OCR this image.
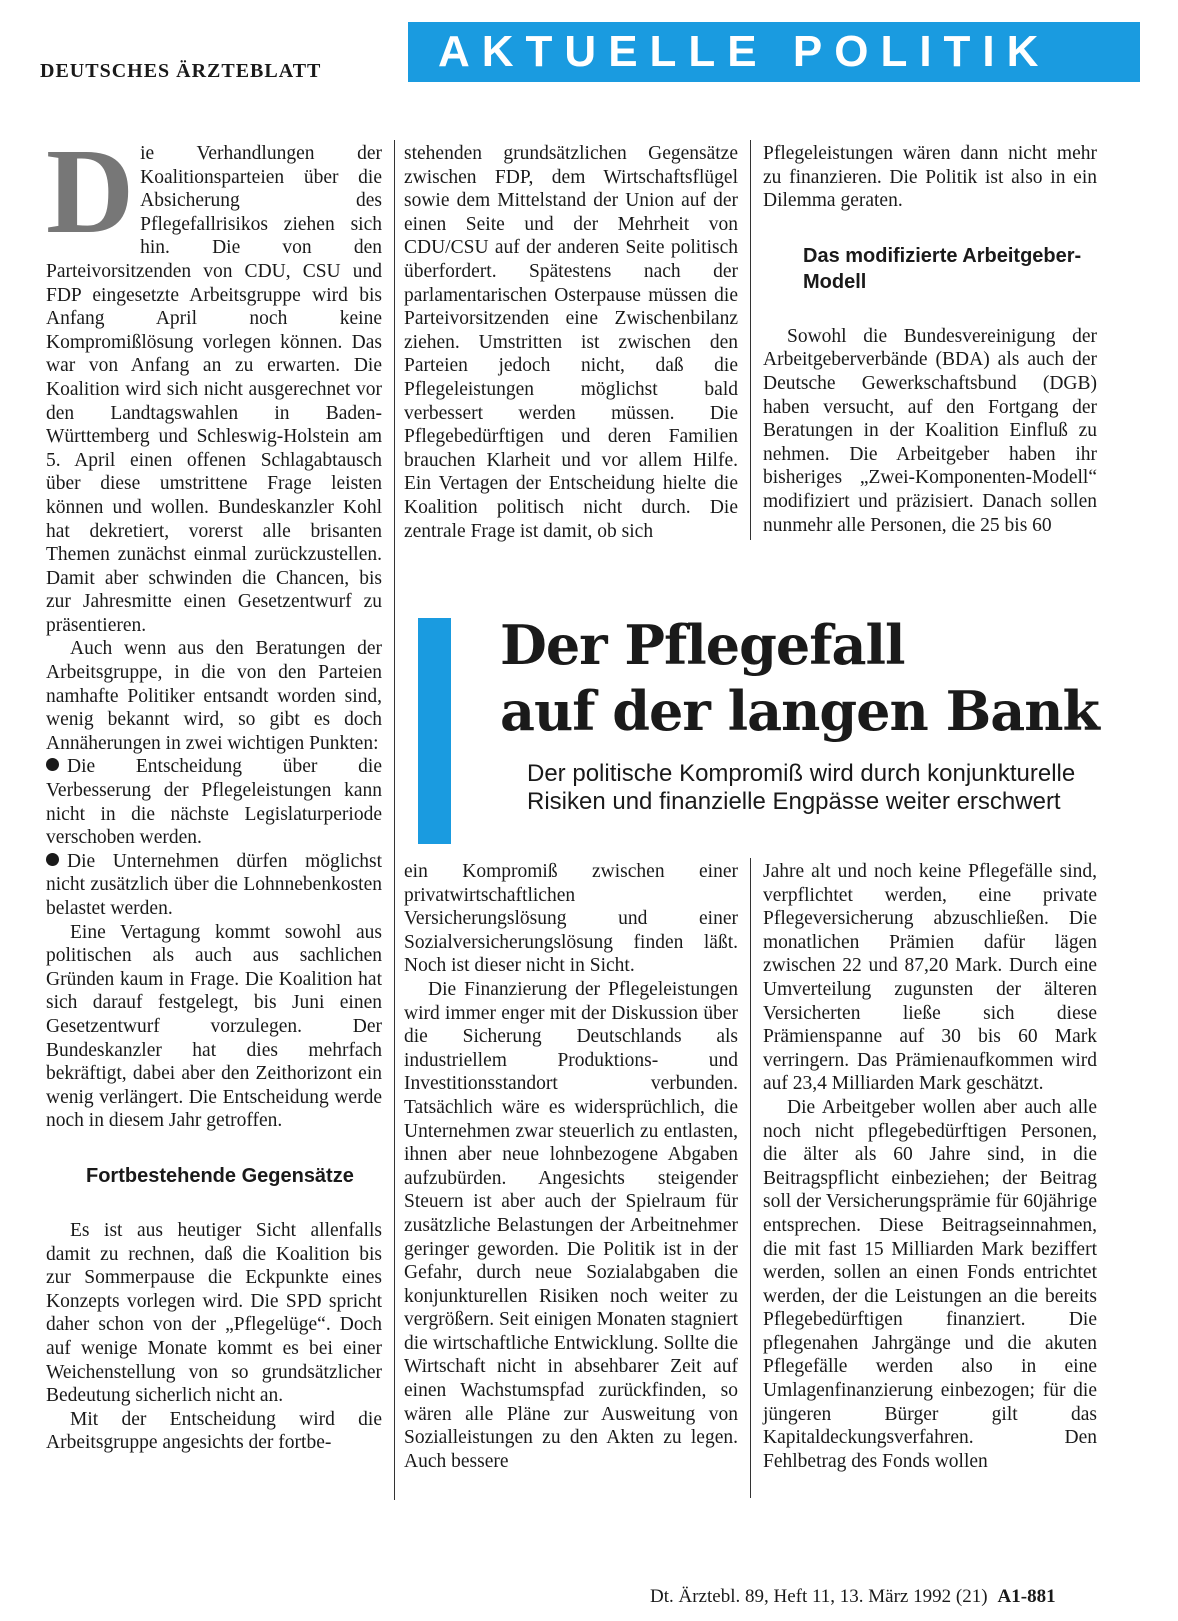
DEUTSCHES ÄRZTEBLATT	AKTUELLE POLITIK

Die Verhandlungen der Koalitionsparteien über die Absicherung des Pflegefallrisikos ziehen sich hin. Die von den Parteivorsitzenden von CDU, CSU und FDP eingesetzte Arbeitsgruppe wird bis Anfang April noch keine Kompromißlösung vorlegen können. Das war von Anfang an zu erwarten. Die Koalition wird sich nicht ausgerechnet vor den Landtagswahlen in Baden-Württemberg und Schleswig-Holstein am 5. April einen offenen Schlagabtausch über diese umstrittene Frage leisten können und wollen. Bundeskanzler Kohl hat dekretiert, vorerst alle brisanten Themen zunächst einmal zurückzustellen. Damit aber schwinden die Chancen, bis zur Jahresmitte einen Gesetzentwurf zu präsentieren.

Auch wenn aus den Beratungen der Arbeitsgruppe, in die von den Parteien namhafte Politiker entsandt worden sind, wenig bekannt wird, so gibt es doch Annäherungen in zwei wichtigen Punkten:

Die Entscheidung über die Verbesserung der Pflegeleistungen kann nicht in die nächste Legislaturperiode verschoben werden.

Die Unternehmen dürfen möglichst nicht zusätzlich über die Lohnnebenkosten belastet werden.

Eine Vertagung kommt sowohl aus politischen als auch aus sachlichen Gründen kaum in Frage. Die Koalition hat sich darauf festgelegt, bis Juni einen Gesetzentwurf vorzulegen. Der Bundeskanzler hat dies mehrfach bekräftigt, dabei aber den Zeithorizont ein wenig verlängert. Die Entscheidung werde noch in diesem Jahr getroffen.

Fortbestehende Gegensätze

Es ist aus heutiger Sicht allenfalls damit zu rechnen, daß die Koalition bis zur Sommerpause die Eckpunkte eines Konzepts vorlegen wird. Die SPD spricht daher schon von der „Pflegelüge“. Doch auf wenige Monate kommt es bei einer Weichenstellung von so grundsätzlicher Bedeutung sicherlich nicht an.

Mit der Entscheidung wird die Arbeitsgruppe angesichts der fortbe-

stehenden grundsätzlichen Gegensätze zwischen FDP, dem Wirtschaftsflügel sowie dem Mittelstand der Union auf der einen Seite und der Mehrheit von CDU/CSU auf der anderen Seite politisch überfordert. Spätestens nach der parlamentarischen Osterpause müssen die Parteivorsitzenden eine Zwischenbilanz ziehen. Umstritten ist zwischen den Parteien jedoch nicht, daß die Pflegeleistungen möglichst bald verbessert werden müssen. Die Pflegebedürftigen und deren Familien brauchen Klarheit und vor allem Hilfe. Ein Vertagen der Entscheidung hielte die Koalition politisch nicht durch. Die zentrale Frage ist damit, ob sich

Pflegeleistungen wären dann nicht mehr zu finanzieren. Die Politik ist also in ein Dilemma geraten.

Das modifizierte Arbeitgeber-Modell

Sowohl die Bundesvereinigung der Arbeitgeberverbände (BDA) als auch der Deutsche Gewerkschaftsbund (DGB) haben versucht, auf den Fortgang der Beratungen in der Koalition Einfluß zu nehmen. Die Arbeitgeber haben ihr bisheriges „Zwei-Komponenten-Modell“ modifiziert und präzisiert. Danach sollen nunmehr alle Personen, die 25 bis 60

Der Pflegefall
auf der langen Bank
Der politische Kompromiß wird durch konjunkturelle Risiken und finanzielle Engpässe weiter erschwert

ein Kompromiß zwischen einer privatwirtschaftlichen Versicherungslösung und einer Sozialversicherungslösung finden läßt. Noch ist dieser nicht in Sicht.

Die Finanzierung der Pflegeleistungen wird immer enger mit der Diskussion über die Sicherung Deutschlands als industriellem Produktions- und Investitionsstandort verbunden. Tatsächlich wäre es widersprüchlich, die Unternehmen zwar steuerlich zu entlasten, ihnen aber neue lohnbezogene Abgaben aufzubürden. Angesichts steigender Steuern ist aber auch der Spielraum für zusätzliche Belastungen der Arbeitnehmer geringer geworden. Die Politik ist in der Gefahr, durch neue Sozialabgaben die konjunkturellen Risiken noch weiter zu vergrößern. Seit einigen Monaten stagniert die wirtschaftliche Entwicklung. Sollte die Wirtschaft nicht in absehbarer Zeit auf einen Wachstumspfad zurückfinden, so wären alle Pläne zur Ausweitung von Sozialleistungen zu den Akten zu legen. Auch bessere

Jahre alt und noch keine Pflegefälle sind, verpflichtet werden, eine private Pflegeversicherung abzuschließen. Die monatlichen Prämien dafür lägen zwischen 22 und 87,20 Mark. Durch eine Umverteilung zugunsten der älteren Versicherten ließe sich diese Prämienspanne auf 30 bis 60 Mark verringern. Das Prämienaufkommen wird auf 23,4 Milliarden Mark geschätzt.

Die Arbeitgeber wollen aber auch alle noch nicht pflegebedürftigen Personen, die älter als 60 Jahre sind, in die Beitragspflicht einbeziehen; der Beitrag soll der Versicherungsprämie für 60jährige entsprechen. Diese Beitragseinnahmen, die mit fast 15 Milliarden Mark beziffert werden, sollen an einen Fonds entrichtet werden, der die Leistungen an die bereits Pflegebedürftigen finanziert. Die pflegenahen Jahrgänge und die akuten Pflegefälle werden also in eine Umlagenfinanzierung einbezogen; für die jüngeren Bürger gilt das Kapitaldeckungsverfahren. Den Fehlbetrag des Fonds wollen

Dt. Ärztebl. 89, Heft 11, 13. März 1992 (21) A1-881
